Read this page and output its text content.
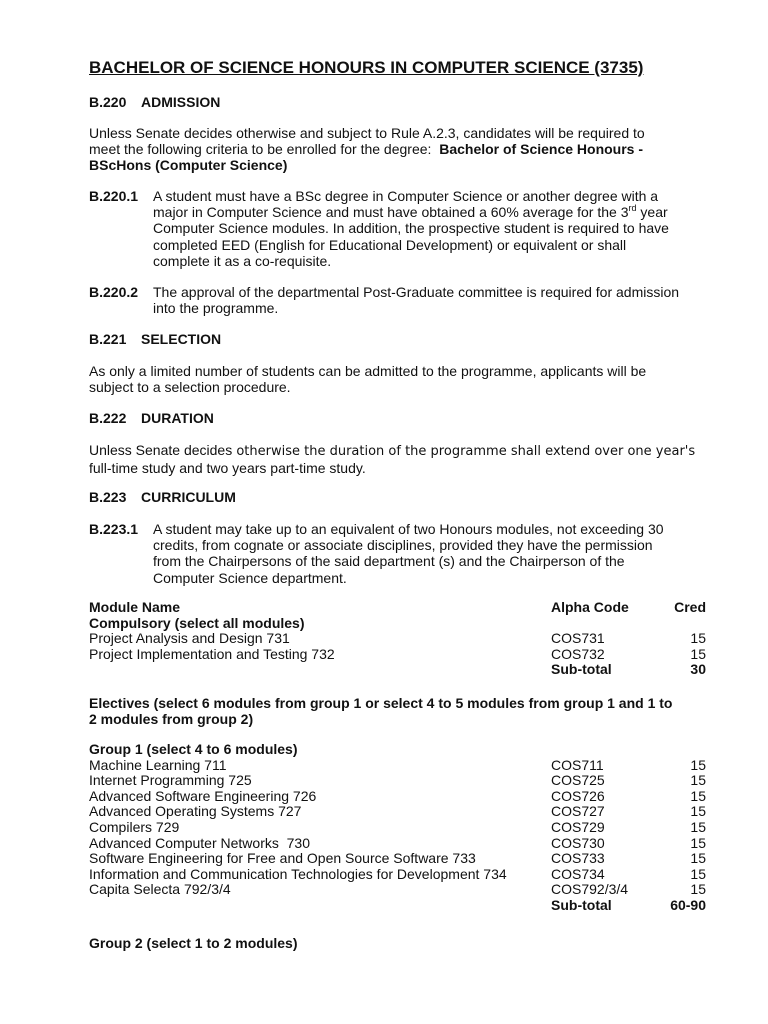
BACHELOR OF SCIENCE HONOURS IN COMPUTER SCIENCE (3735)
B.220 ADMISSION
Unless Senate decides otherwise and subject to Rule A.2.3, candidates will be required to
meet the following criteria to be enrolled for the degree: Bachelor of Science Honours -
BScHons (Computer Science)
B.220.1 A student must have a BSc degree in Computer Science or another degree with a
major in Computer Science and must have obtained a 60% average for the 3rd year
Computer Science modules. In addition, the prospective student is required to have
completed EED (English for Educational Development) or equivalent or shall
complete it as a co-requisite.
B.220.2 The approval of the departmental Post-Graduate committee is required for admission
into the programme.
B.221 SELECTION
As only a limited number of students can be admitted to the programme, applicants will be
subject to a selection procedure.
B.222 DURATION
Unless Senate decides otherwise the duration of the programme shall extend over one year's
full-time study and two years part-time study.
B.223 CURRICULUM
B.223.1 A student may take up to an equivalent of two Honours modules, not exceeding 30
credits, from cognate or associate disciplines, provided they have the permission
from the Chairpersons of the said department (s) and the Chairperson of the
Computer Science department.
Module Name	Alpha Code	Cred
Compulsory (select all modules)
Project Analysis and Design 731	COS731	15
Project Implementation and Testing 732	COS732	15
Sub-total	30
Electives (select 6 modules from group 1 or select 4 to 5 modules from group 1 and 1 to
2 modules from group 2)
Group 1 (select 4 to 6 modules)
Machine Learning 711	COS711	15
Internet Programming 725	COS725	15
Advanced Software Engineering 726	COS726	15
Advanced Operating Systems 727	COS727	15
Compilers 729	COS729	15
Advanced Computer Networks  730	COS730	15
Software Engineering for Free and Open Source Software 733	COS733	15
Information and Communication Technologies for Development 734	COS734	15
Capita Selecta 792/3/4	COS792/3/4	15
Sub-total	60-90
Group 2 (select 1 to 2 modules)
